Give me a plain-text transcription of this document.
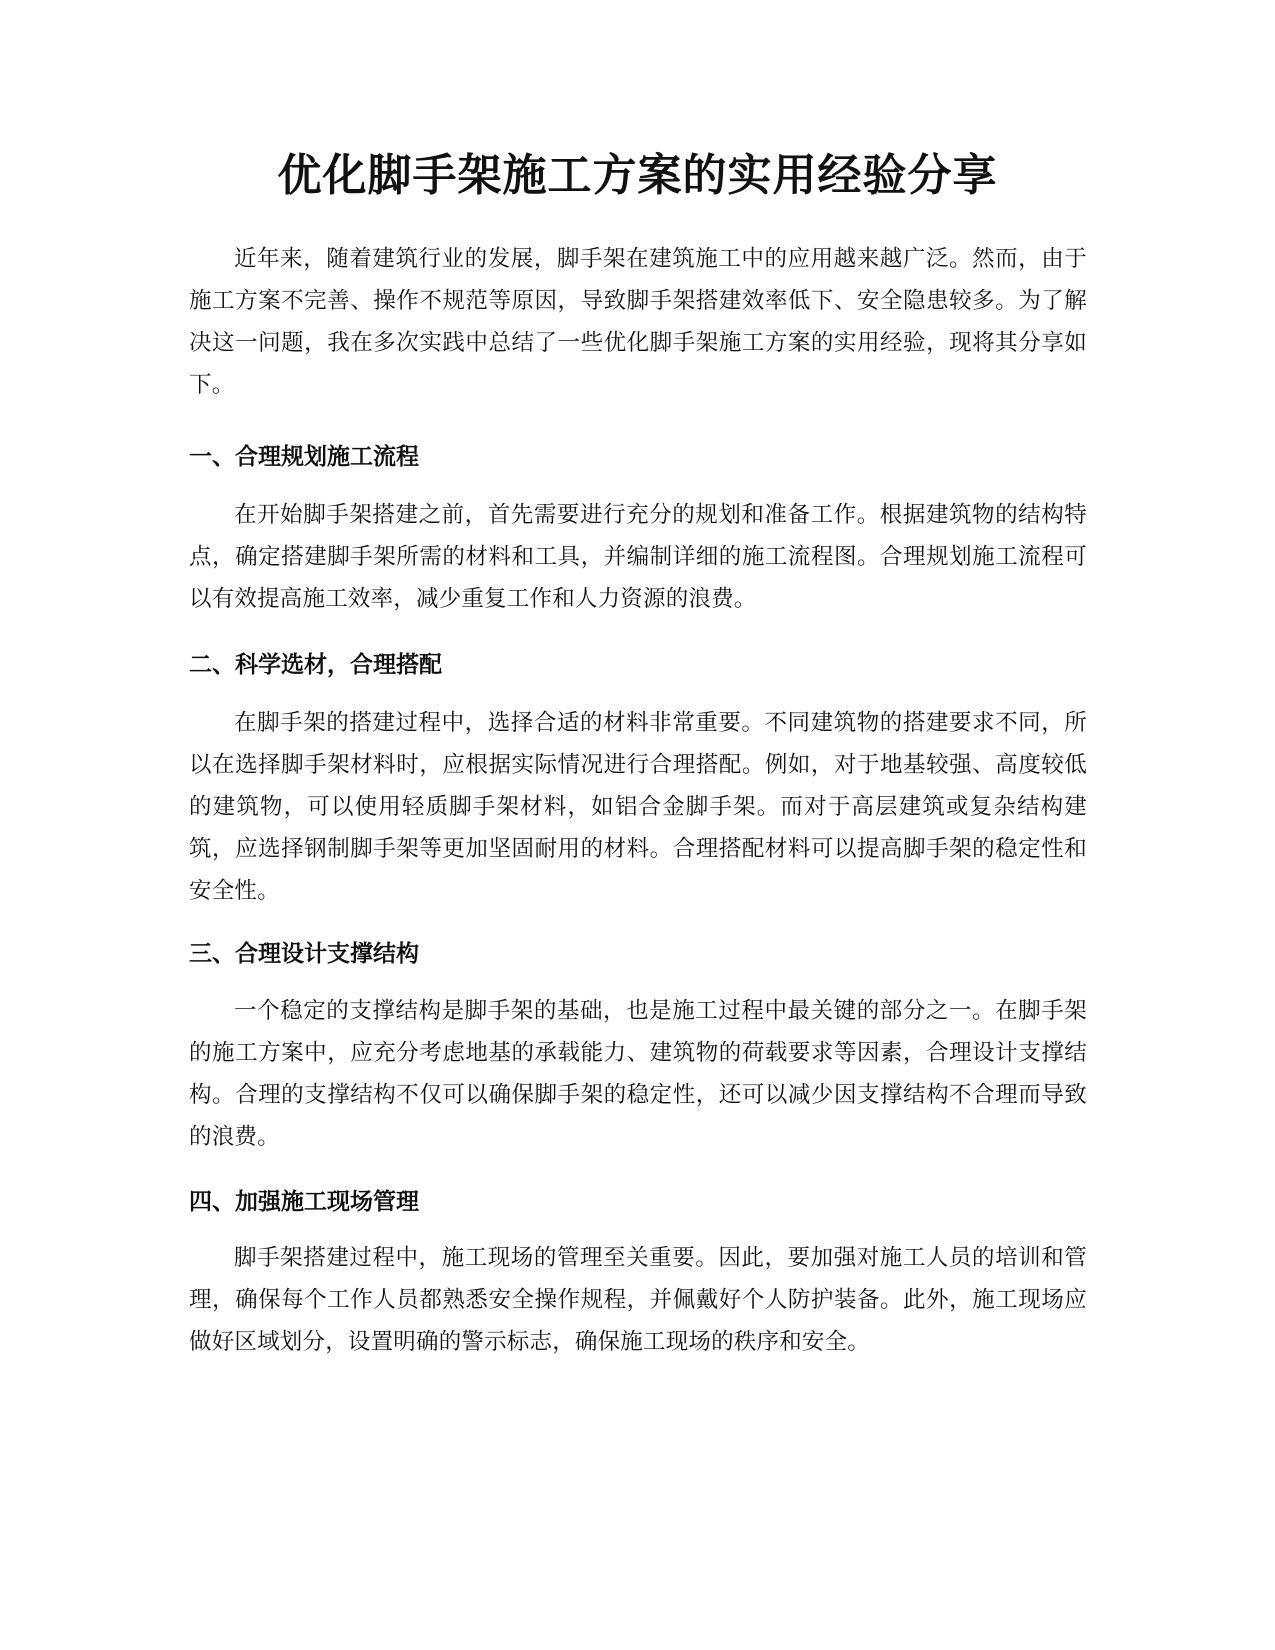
优化脚手架施工方案的实用经验分享

近年来，随着建筑行业的发展，脚手架在建筑施工中的应用越来越广泛。然而，由于施工方案不完善、操作不规范等原因，导致脚手架搭建效率低下、安全隐患较多。为了解决这一问题，我在多次实践中总结了一些优化脚手架施工方案的实用经验，现将其分享如下。

一、合理规划施工流程

在开始脚手架搭建之前，首先需要进行充分的规划和准备工作。根据建筑物的结构特点，确定搭建脚手架所需的材料和工具，并编制详细的施工流程图。合理规划施工流程可以有效提高施工效率，减少重复工作和人力资源的浪费。

二、科学选材，合理搭配

在脚手架的搭建过程中，选择合适的材料非常重要。不同建筑物的搭建要求不同，所以在选择脚手架材料时，应根据实际情况进行合理搭配。例如，对于地基较强、高度较低的建筑物，可以使用轻质脚手架材料，如铝合金脚手架。而对于高层建筑或复杂结构建筑，应选择钢制脚手架等更加坚固耐用的材料。合理搭配材料可以提高脚手架的稳定性和安全性。

三、合理设计支撑结构

一个稳定的支撑结构是脚手架的基础，也是施工过程中最关键的部分之一。在脚手架的施工方案中，应充分考虑地基的承载能力、建筑物的荷载要求等因素，合理设计支撑结构。合理的支撑结构不仅可以确保脚手架的稳定性，还可以减少因支撑结构不合理而导致的浪费。

四、加强施工现场管理

脚手架搭建过程中，施工现场的管理至关重要。因此，要加强对施工人员的培训和管理，确保每个工作人员都熟悉安全操作规程，并佩戴好个人防护装备。此外，施工现场应做好区域划分，设置明确的警示标志，确保施工现场的秩序和安全。
